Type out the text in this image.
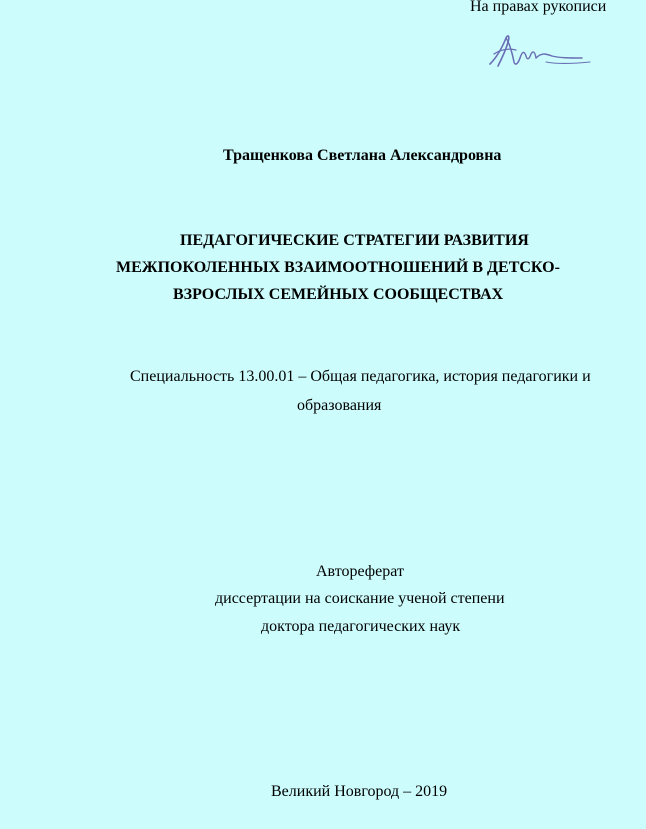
На правах рукописи
Тращенкова Светлана Александровна
ПЕДАГОГИЧЕСКИЕ СТРАТЕГИИ РАЗВИТИЯ
МЕЖПОКОЛЕННЫХ ВЗАИМООТНОШЕНИЙ В ДЕТСКО-
ВЗРОСЛЫХ СЕМЕЙНЫХ СООБЩЕСТВАХ
Специальность 13.00.01 – Общая педагогика, история педагогики и
образования
Автореферат
диссертации на соискание ученой степени
доктора педагогических наук
Великий Новгород – 2019
